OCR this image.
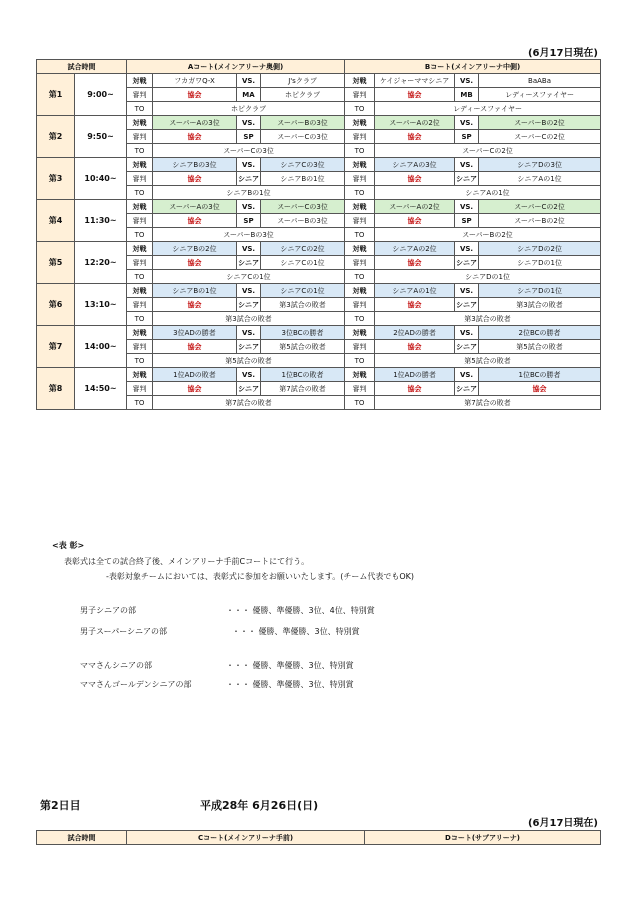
(6月17日現在)
試合時間		Aコート(メインアリーナ奥側)				Bコート(メインアリーナ中側)			
第1	9:00~	対戦	フカガワQ-X	VS.	J'sクラブ	対戦	ケイジャーママシニア	VS.	BaABa
		審判	協会	MA	ホピクラブ	審判	協会	MB	レディースファイヤー
		TO	ホピクラブ			TO	レディースファイヤー		
第2	9:50~	対戦	スーパーAの3位	VS.	スーパーBの3位	対戦	スーパーAの2位	VS.	スーパーBの2位
		審判	協会	SP	スーパーCの3位	審判	協会	SP	スーパーCの2位
		TO	スーパーCの3位			TO	スーパーCの2位		
第3	10:40~	対戦	シニアBの3位	VS.	シニアCの3位	対戦	シニアAの3位	VS.	シニアDの3位
		審判	協会	シニア	シニアBの1位	審判	協会	シニア	シニアAの1位
		TO	シニアBの1位			TO	シニアAの1位		
第4	11:30~	対戦	スーパーAの3位	VS.	スーパーCの3位	対戦	スーパーAの2位	VS.	スーパーCの2位
		審判	協会	SP	スーパーBの3位	審判	協会	SP	スーパーBの2位
		TO	スーパーBの3位			TO	スーパーBの2位		
第5	12:20~	対戦	シニアBの2位	VS.	シニアCの2位	対戦	シニアAの2位	VS.	シニアDの2位
		審判	協会	シニア	シニアCの1位	審判	協会	シニア	シニアDの1位
		TO	シニアCの1位			TO	シニアDの1位		
第6	13:10~	対戦	シニアBの1位	VS.	シニアCの1位	対戦	シニアAの1位	VS.	シニアDの1位
		審判	協会	シニア	第3試合の敗者	審判	協会	シニア	第3試合の敗者
		TO	第3試合の敗者			TO	第3試合の敗者		
第7	14:00~	対戦	3位ADの勝者	VS.	3位BCの勝者	対戦	2位ADの勝者	VS.	2位BCの勝者
		審判	協会	シニア	第5試合の敗者	審判	協会	シニア	第5試合の敗者
		TO	第5試合の敗者			TO	第5試合の敗者		
第8	14:50~	対戦	1位ADの敗者	VS.	1位BCの敗者	対戦	1位ADの勝者	VS.	1位BCの勝者
		審判	協会	シニア	第7試合の敗者	審判	協会	シニア	協会
		TO	第7試合の敗者			TO	第7試合の敗者		
<表 彰>
表彰式は全ての試合終了後、メインアリーナ手前Cコートにて行う。
-表彰対象チームにおいては、表彰式に参加をお願いいたします。(チーム代表でもOK)
男子シニアの部	・・・ 優勝、準優勝、3位、4位、特別賞
男子スーパーシニアの部	・・・ 優勝、準優勝、3位、特別賞
ママさんシニアの部	・・・ 優勝、準優勝、3位、特別賞
ママさんゴールデンシニアの部	・・・ 優勝、準優勝、3位、特別賞
第2日目	平成28年 6月26日(日)
(6月17日現在)
試合時間	Cコート(メインアリーナ手前)	Dコート(サブアリーナ)
